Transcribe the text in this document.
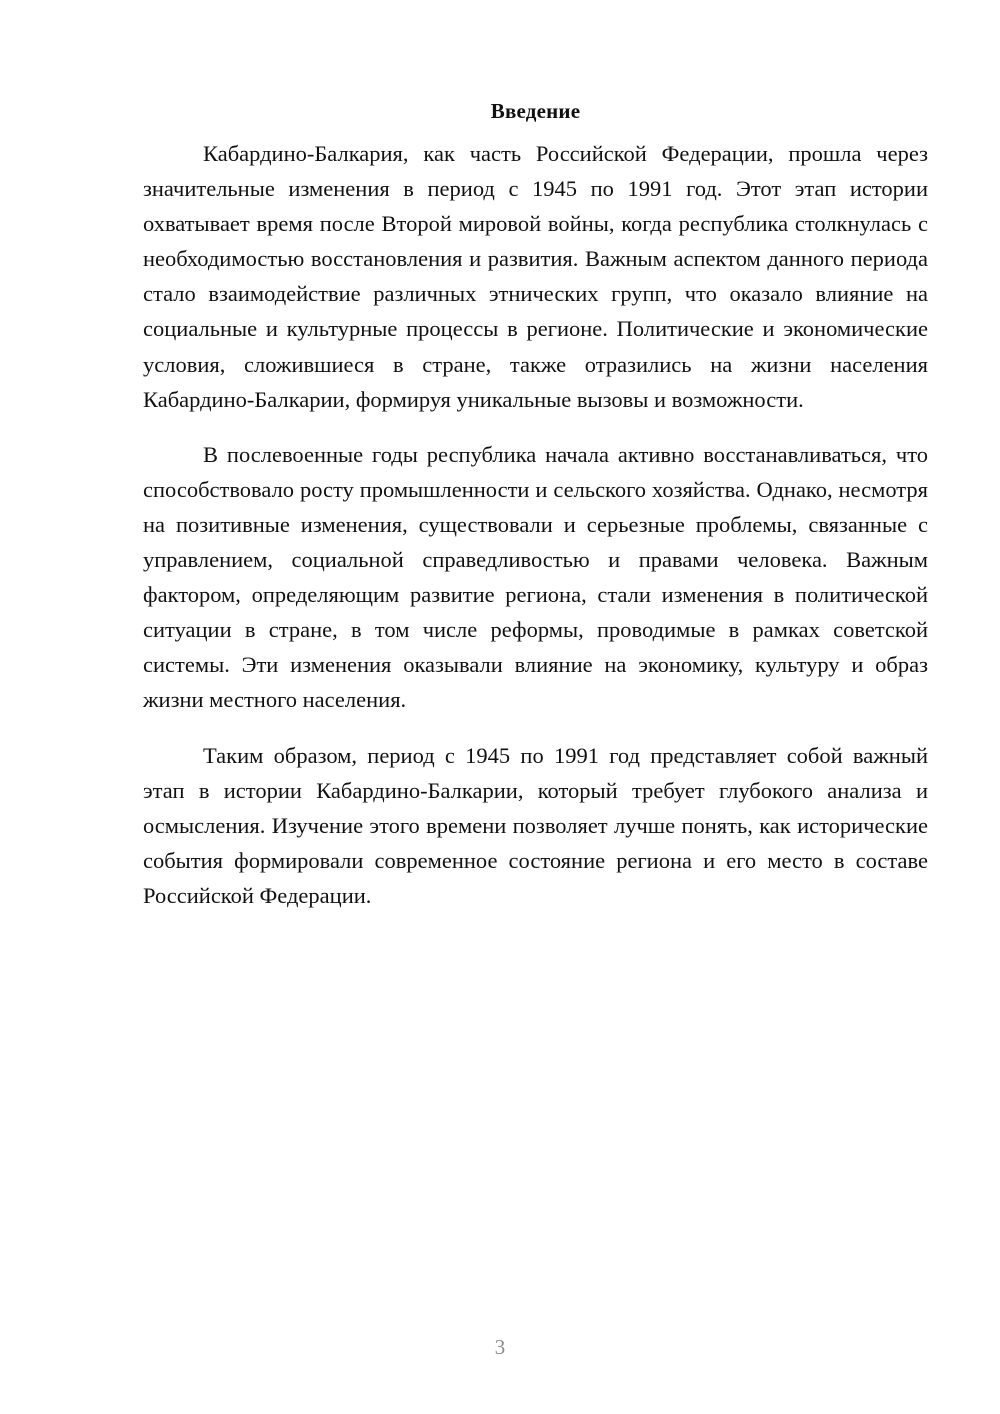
Введение

Кабардино-Балкария, как часть Российской Федерации, прошла через значительные изменения в период с 1945 по 1991 год. Этот этап истории охватывает время после Второй мировой войны, когда республика столкнулась с необходимостью восстановления и развития. Важным аспектом данного периода стало взаимодействие различных этнических групп, что оказало влияние на социальные и культурные процессы в регионе. Политические и экономические условия, сложившиеся в стране, также отразились на жизни населения Кабардино-Балкарии, формируя уникальные вызовы и возможности.

В послевоенные годы республика начала активно восстанавливаться, что способствовало росту промышленности и сельского хозяйства. Однако, несмотря на позитивные изменения, существовали и серьезные проблемы, связанные с управлением, социальной справедливостью и правами человека. Важным фактором, определяющим развитие региона, стали изменения в политической ситуации в стране, в том числе реформы, проводимые в рамках советской системы. Эти изменения оказывали влияние на экономику, культуру и образ жизни местного населения.

Таким образом, период с 1945 по 1991 год представляет собой важный этап в истории Кабардино-Балкарии, который требует глубокого анализа и осмысления. Изучение этого времени позволяет лучше понять, как исторические события формировали современное состояние региона и его место в составе Российской Федерации.

3
